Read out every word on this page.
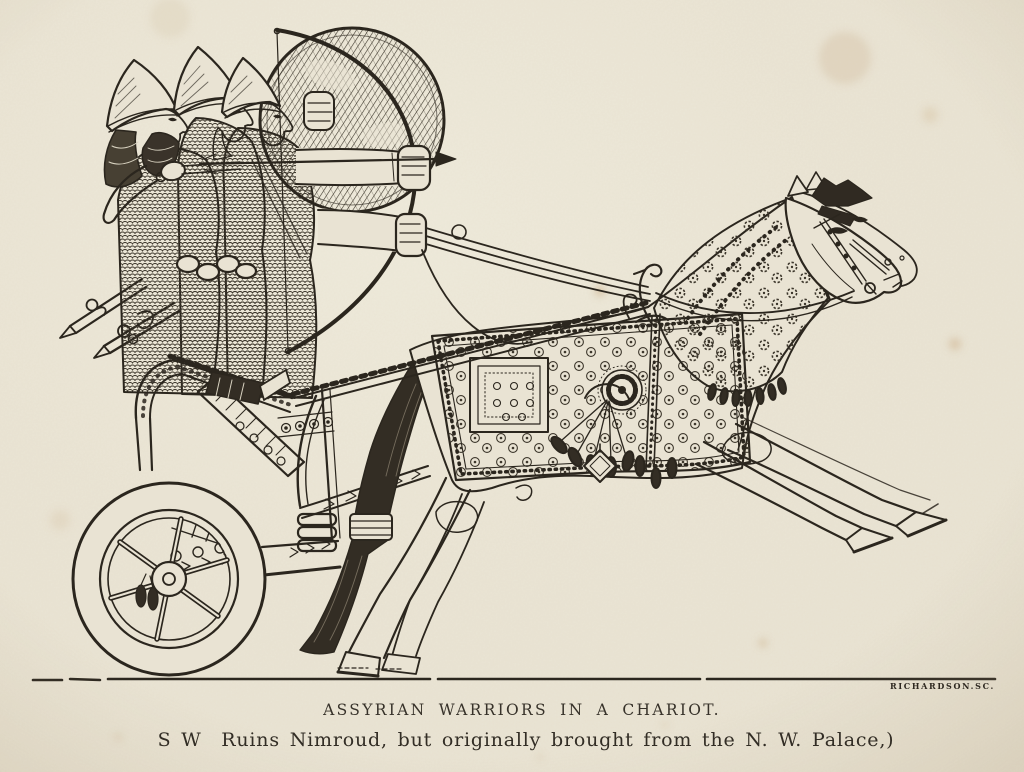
RICHARDSON.SC.
ASSYRIAN WARRIORS IN A CHARIOT.
S W  Ruins Nimroud, but originally brought from the N. W. Palace,)
